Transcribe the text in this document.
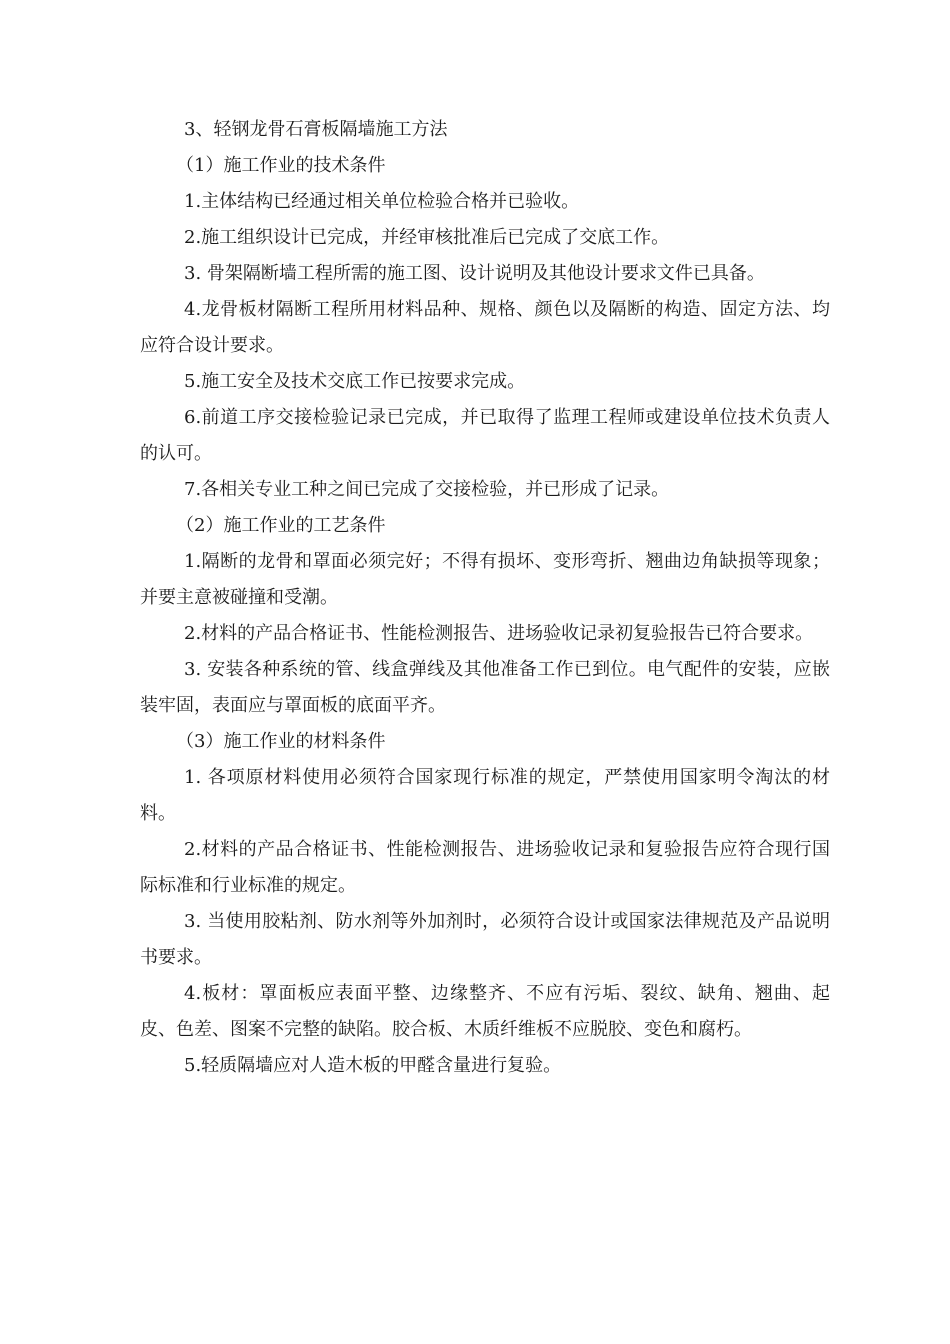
3、轻钢龙骨石膏板隔墙施工方法

（1）施工作业的技术条件

1.主体结构已经通过相关单位检验合格并已验收。

2.施工组织设计已完成，并经审核批准后已完成了交底工作。

3. 骨架隔断墙工程所需的施工图、设计说明及其他设计要求文件已具备。

4.龙骨板材隔断工程所用材料品种、规格、颜色以及隔断的构造、固定方法、均应符合设计要求。

5.施工安全及技术交底工作已按要求完成。

6.前道工序交接检验记录已完成，并已取得了监理工程师或建设单位技术负责人的认可。

7.各相关专业工种之间已完成了交接检验，并已形成了记录。

（2）施工作业的工艺条件

1.隔断的龙骨和罩面必须完好；不得有损坏、变形弯折、翘曲边角缺损等现象；并要主意被碰撞和受潮。

2.材料的产品合格证书、性能检测报告、进场验收记录初复验报告已符合要求。

3. 安装各种系统的管、线盒弹线及其他准备工作已到位。电气配件的安装，应嵌装牢固，表面应与罩面板的底面平齐。

（3）施工作业的材料条件

1. 各项原材料使用必须符合国家现行标准的规定，严禁使用国家明令淘汰的材料。

2.材料的产品合格证书、性能检测报告、进场验收记录和复验报告应符合现行国际标准和行业标准的规定。

3. 当使用胶粘剂、防水剂等外加剂时，必须符合设计或国家法律规范及产品说明书要求。

4.板材：罩面板应表面平整、边缘整齐、不应有污垢、裂纹、缺角、翘曲、起皮、色差、图案不完整的缺陷。胶合板、木质纤维板不应脱胶、变色和腐朽。

5.轻质隔墙应对人造木板的甲醛含量进行复验。
